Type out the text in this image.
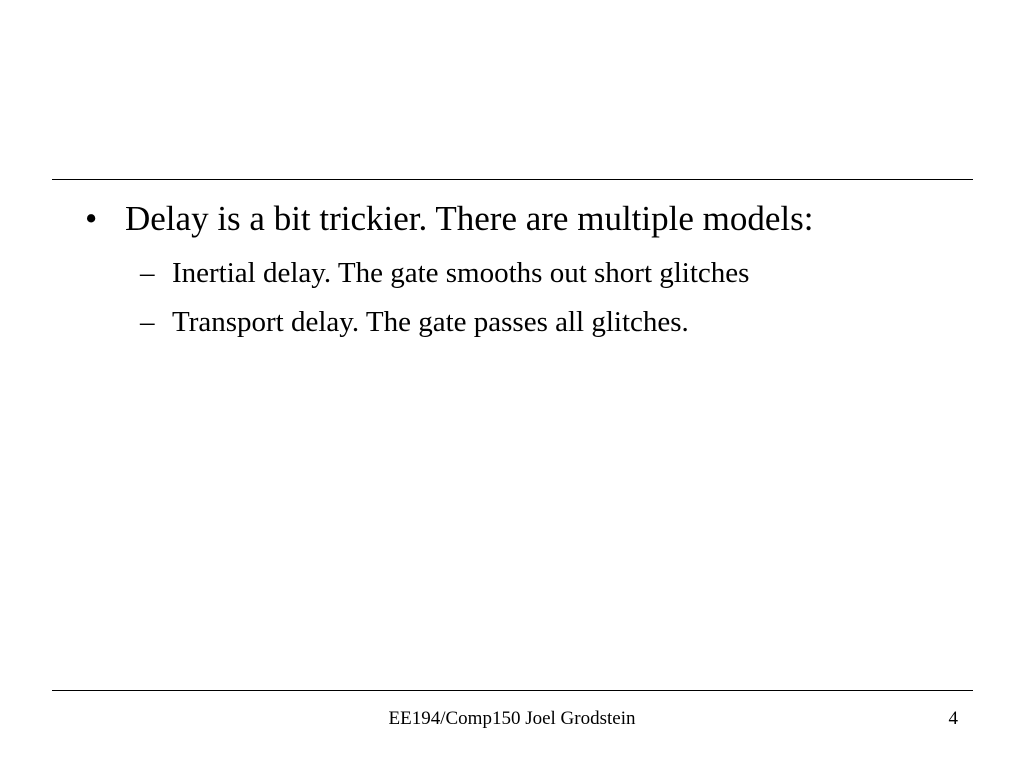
• Delay is a bit trickier. There are multiple models:
– Inertial delay. The gate smooths out short glitches
– Transport delay. The gate passes all glitches.
EE194/Comp150 Joel Grodstein	4
